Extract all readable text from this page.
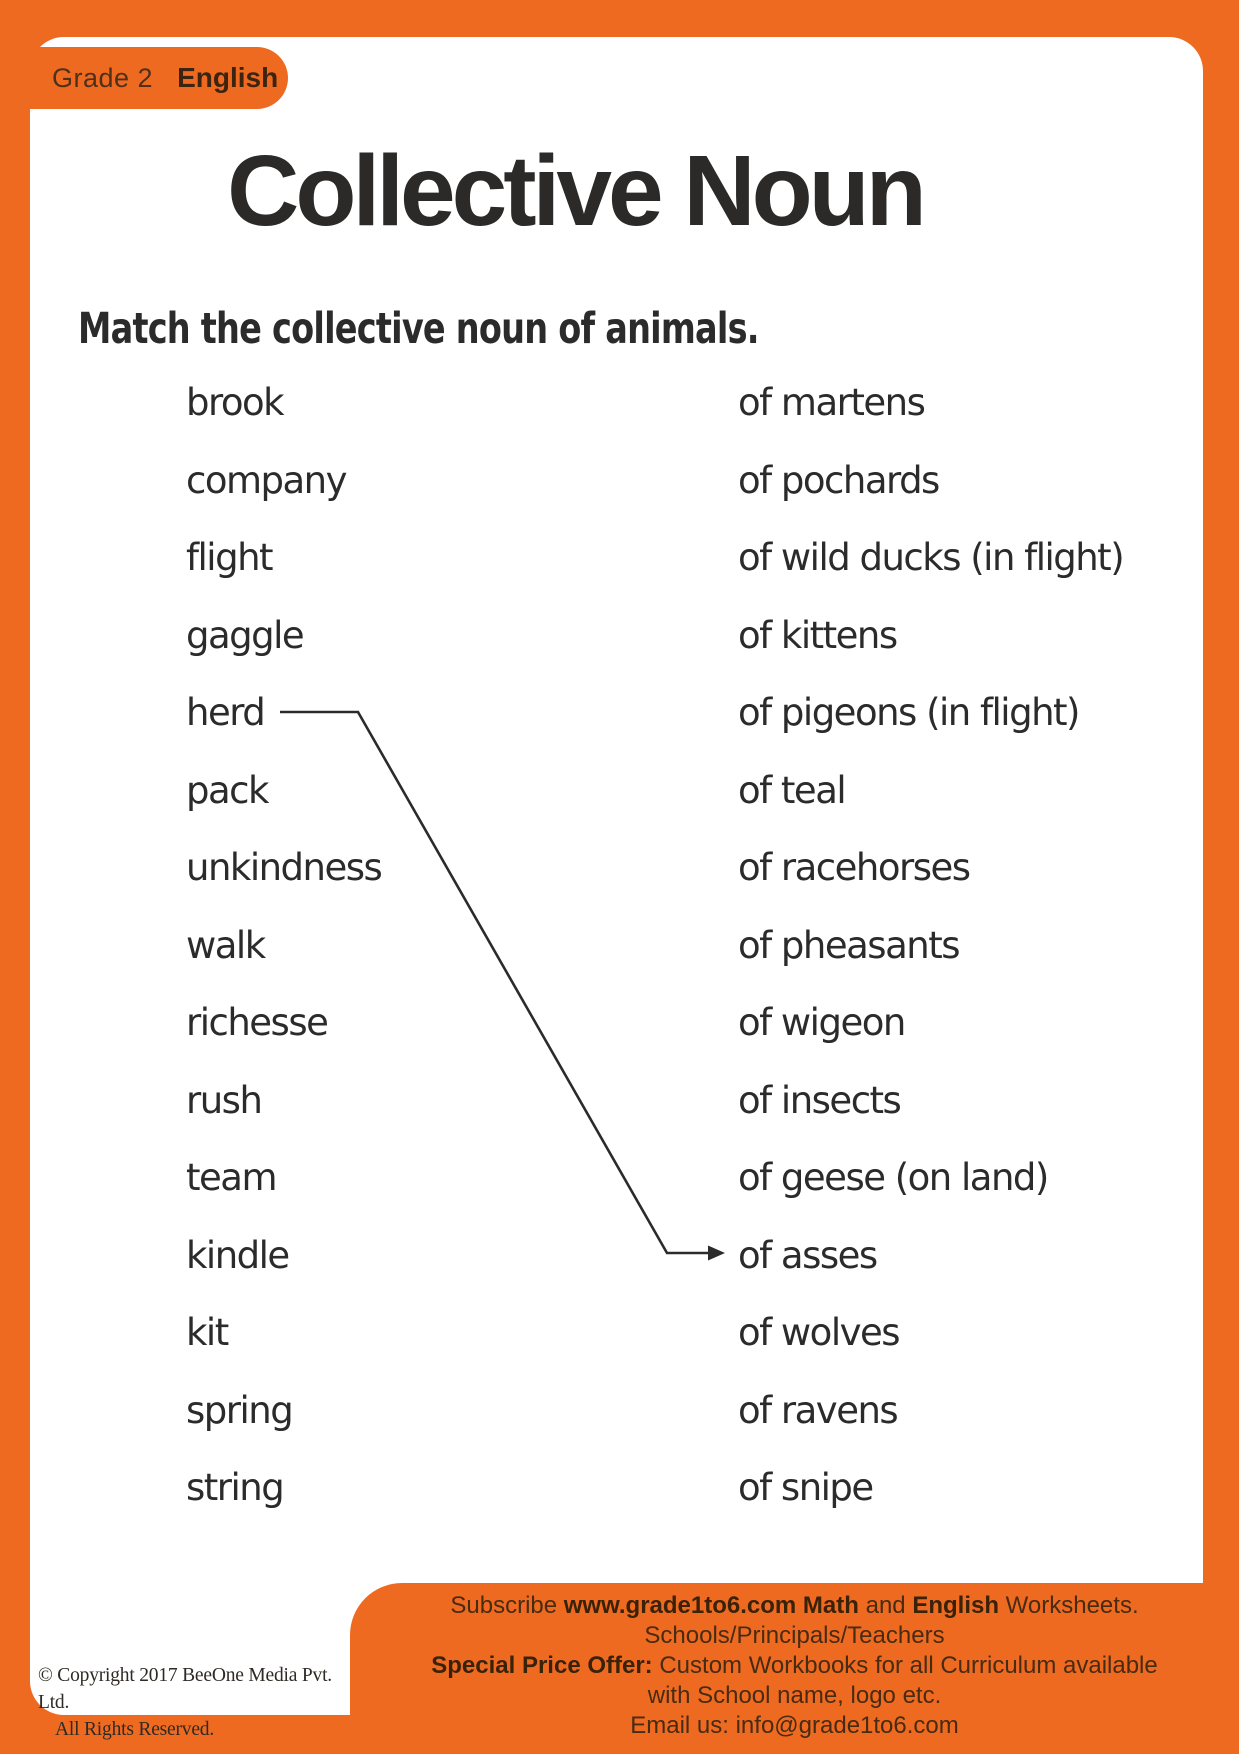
Grade 2 English
Collective Noun
Match the collective noun of animals.
brook
company
flight
gaggle
herd
pack
unkindness
walk
richesse
rush
team
kindle
kit
spring
string
of martens
of pochards
of wild ducks (in flight)
of kittens
of pigeons (in flight)
of teal
of racehorses
of pheasants
of wigeon
of insects
of geese (on land)
of asses
of wolves
of ravens
of snipe
Subscribe www.grade1to6.com Math and English Worksheets.
Schools/Principals/Teachers
Special Price Offer: Custom Workbooks for all Curriculum available
with School name, logo etc.
Email us: info@grade1to6.com
© Copyright 2017 BeeOne Media Pvt. Ltd.
All Rights Reserved.
